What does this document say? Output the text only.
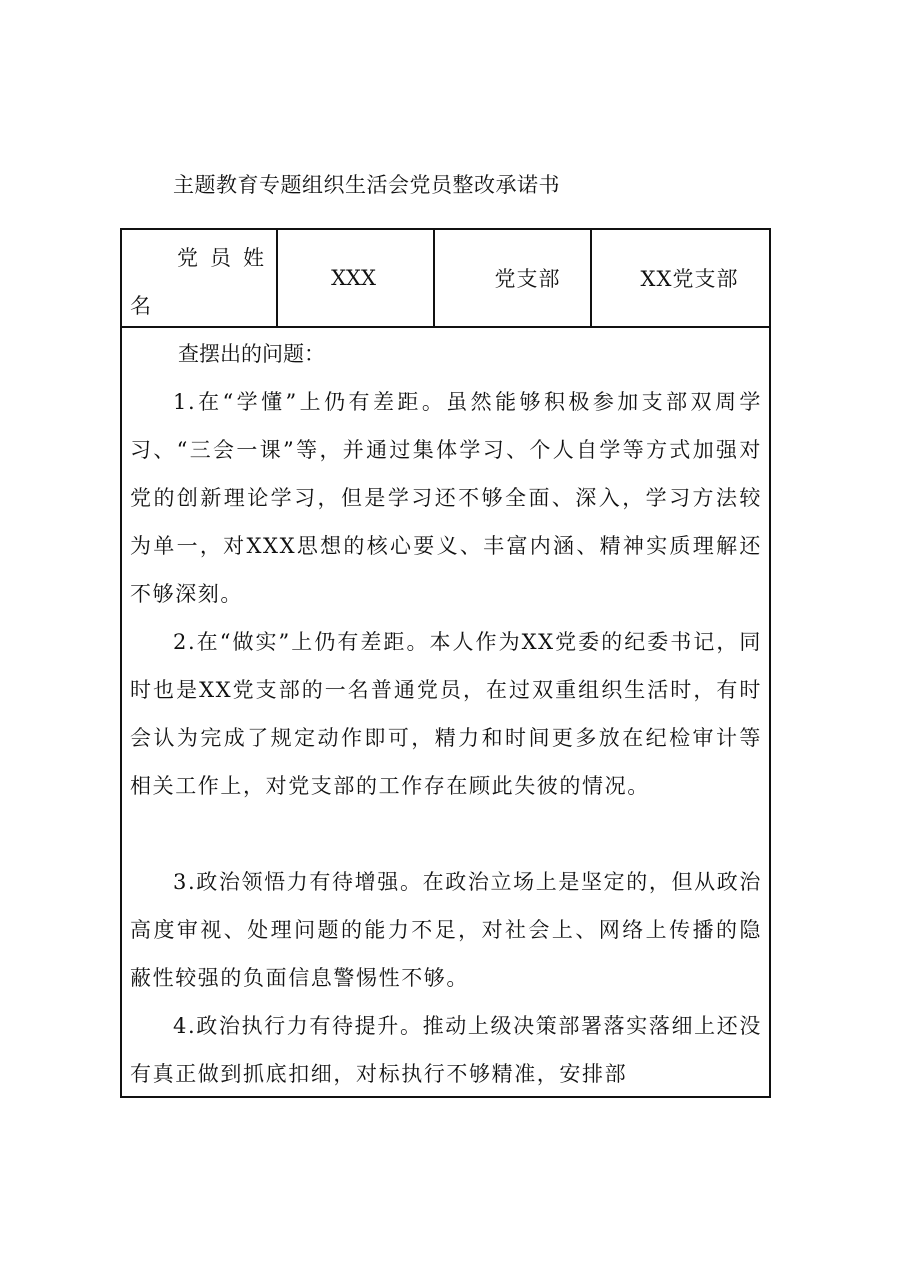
主题教育专题组织生活会党员整改承诺书
党员姓
名
XXX	党支部	XX党支部
查摆出的问题：

1.在“学懂”上仍有差距。虽然能够积极参加支部双周学习、“三会一课”等，并通过集体学习、个人自学等方式加强对党的创新理论学习，但是学习还不够全面、深入，学习方法较为单一，对XXX思想的核心要义、丰富内涵、精神实质理解还不够深刻。

2.在“做实”上仍有差距。本人作为XX党委的纪委书记，同时也是XX党支部的一名普通党员，在过双重组织生活时，有时会认为完成了规定动作即可，精力和时间更多放在纪检审计等相关工作上，对党支部的工作存在顾此失彼的情况。

3.政治领悟力有待增强。在政治立场上是坚定的，但从政治高度审视、处理问题的能力不足，对社会上、网络上传播的隐蔽性较强的负面信息警惕性不够。

4.政治执行力有待提升。推动上级决策部署落实落细上还没有真正做到抓底扣细，对标执行不够精准，安排部
